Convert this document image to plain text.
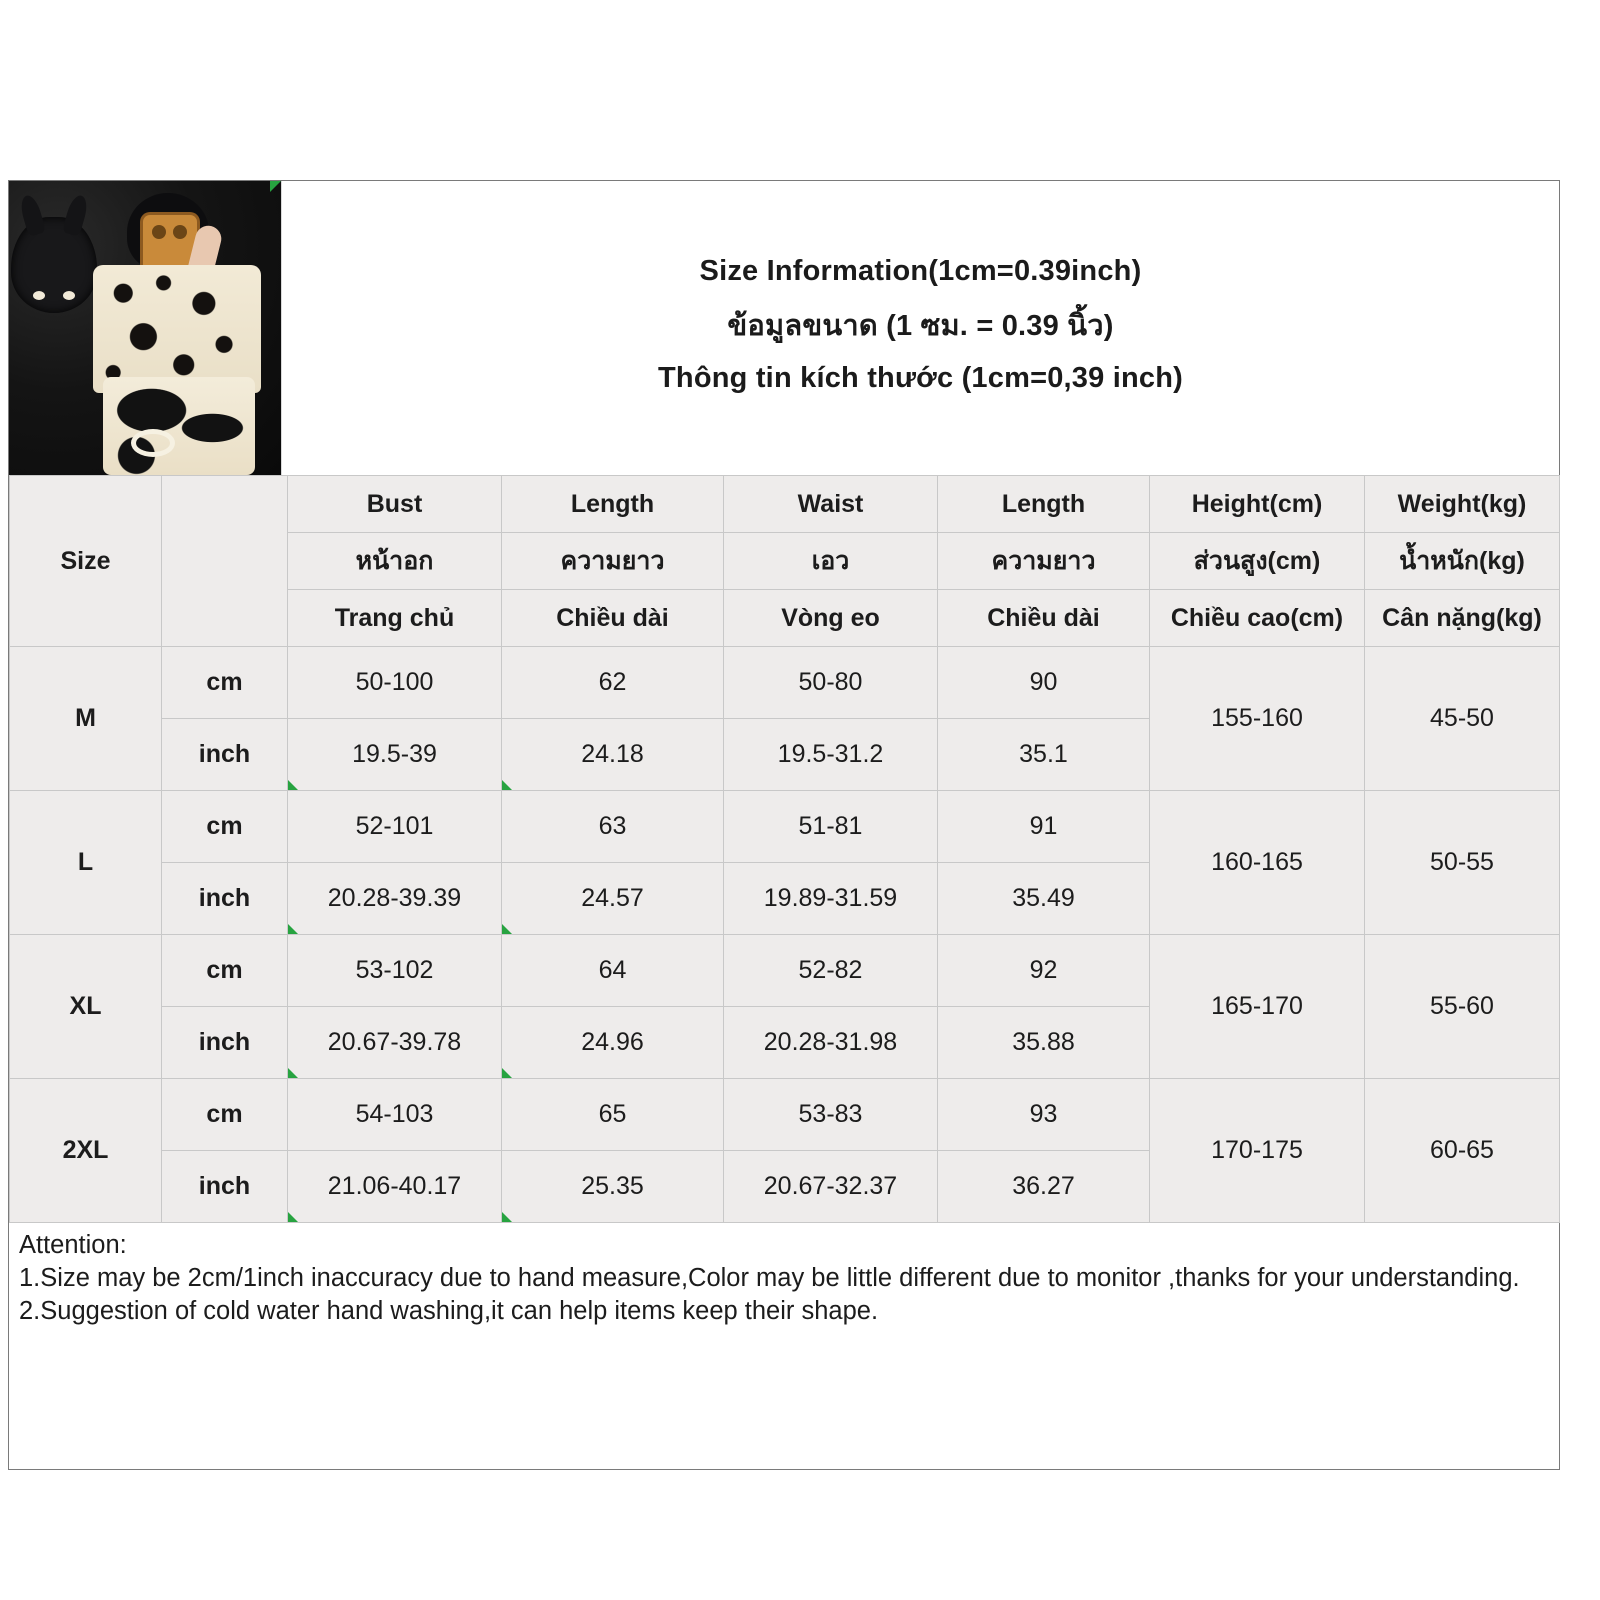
Size Information(1cm=0.39inch)
ข้อมูลขนาด (1 ซม. = 0.39 นิ้ว)
Thông tin kích thước (1cm=0,39 inch)
Size		Bust	Length	Waist	Length	Height(cm)	Weight(kg)
		หน้าอก	ความยาว	เอว	ความยาว	ส่วนสูง(cm)	น้ำหนัก(kg)
		Trang chủ	Chiều dài	Vòng eo	Chiều dài	Chiều cao(cm)	Cân nặng(kg)
M	cm	50-100	62	50-80	90	155-160	45-50
	inch	19.5-39	24.18	19.5-31.2	35.1		
L	cm	52-101	63	51-81	91	160-165	50-55
	inch	20.28-39.39	24.57	19.89-31.59	35.49		
XL	cm	53-102	64	52-82	92	165-170	55-60
	inch	20.67-39.78	24.96	20.28-31.98	35.88		
2XL	cm	54-103	65	53-83	93	170-175	60-65
	inch	21.06-40.17	25.35	20.67-32.37	36.27		
Attention:
1.Size may be 2cm/1inch inaccuracy due to hand measure,Color may be little different due to monitor ,thanks for your understanding.
2.Suggestion of cold water hand washing,it can help items keep their shape.
